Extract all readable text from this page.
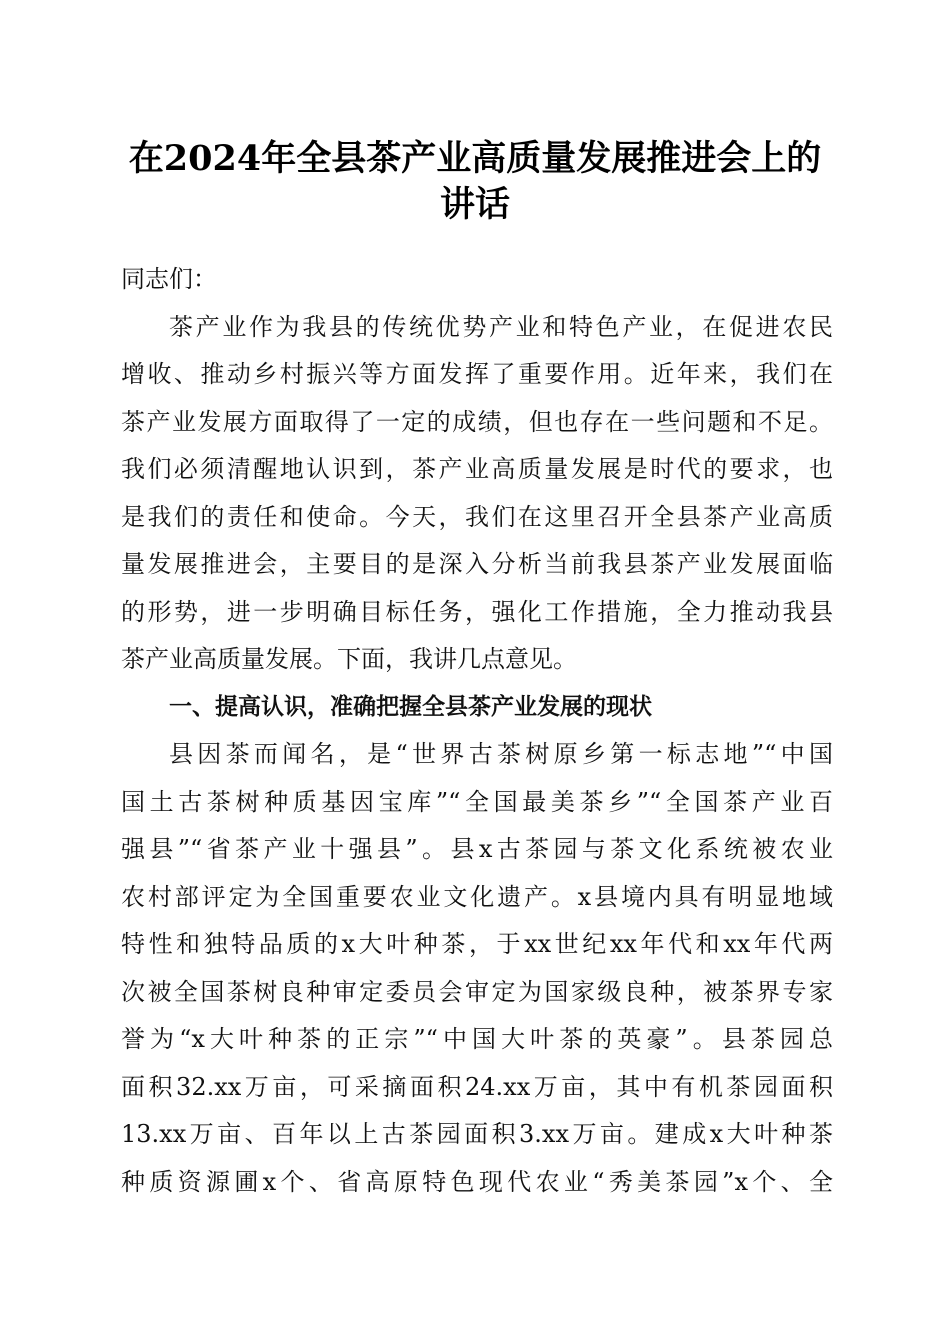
在2024年全县茶产业高质量发展推进会上的
讲话
同志们：
茶产业作为我县的传统优势产业和特色产业，在促进农民
增收、推动乡村振兴等方面发挥了重要作用。近年来，我们在
茶产业发展方面取得了一定的成绩，但也存在一些问题和不足。
我们必须清醒地认识到，茶产业高质量发展是时代的要求，也
是我们的责任和使命。今天，我们在这里召开全县茶产业高质
量发展推进会，主要目的是深入分析当前我县茶产业发展面临
的形势，进一步明确目标任务，强化工作措施，全力推动我县
茶产业高质量发展。下面，我讲几点意见。
一、提高认识，准确把握全县茶产业发展的现状
县因茶而闻名，是“世界古茶树原乡第一标志地”“中国
国土古茶树种质基因宝库”“全国最美茶乡”“全国茶产业百
强县”“省茶产业十强县”。县x古茶园与茶文化系统被农业
农村部评定为全国重要农业文化遗产。x县境内具有明显地域
特性和独特品质的x大叶种茶，于xx世纪xx年代和xx年代两
次被全国茶树良种审定委员会审定为国家级良种，被茶界专家
誉为“x大叶种茶的正宗”“中国大叶茶的英豪”。县茶园总
面积32.xx万亩，可采摘面积24.xx万亩，其中有机茶园面积
13.xx万亩、百年以上古茶园面积3.xx万亩。建成x大叶种茶
种质资源圃x个、省高原特色现代农业“秀美茶园”x个、全
